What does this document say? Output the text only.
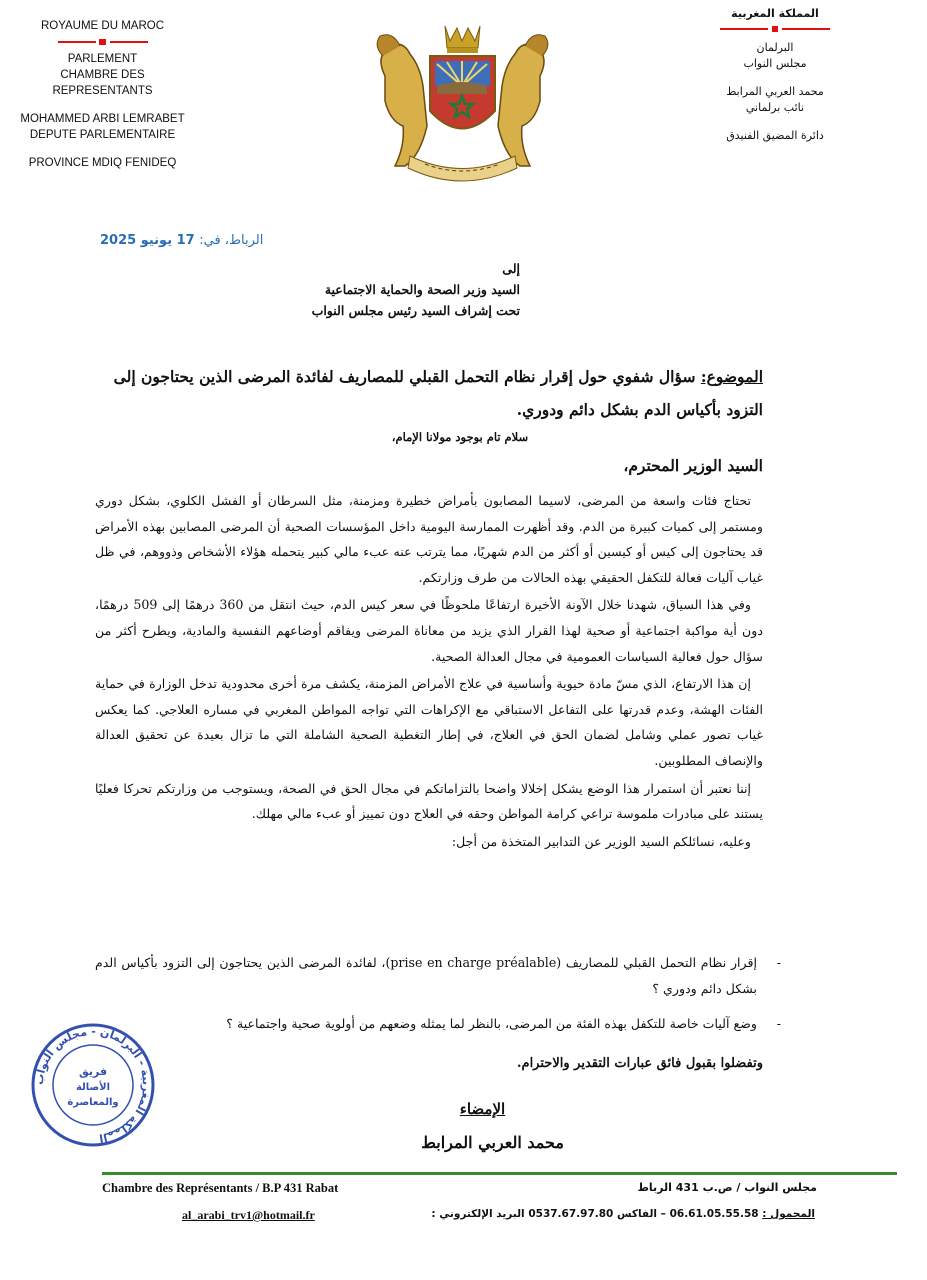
ROYAUME DU MAROC
PARLEMENT
CHAMBRE DES REPRESENTANTS
MOHAMMED ARBI LEMRABET
DEPUTE PARLEMENTAIRE
PROVINCE MDIQ FENIDEQ
المملكة المغربية
البرلمان
مجلس النواب
محمد العربي المرابط
نائب برلماني
دائرة المضيق الفنيدق
الرباط، في: 17 يونيو 2025
إلى
السيد وزير الصحة والحماية الاجتماعية
تحت إشراف السيد رئيس مجلس النواب
الموضوع: سؤال شفوي حول إقرار نظام التحمل القبلي للمصاريف لفائدة المرضى الذين يحتاجون إلى التزود بأكياس الدم بشكل دائم ودوري.
سلام تام بوجود مولانا الإمام،
السيد الوزير المحترم،

تحتاج فئات واسعة من المرضى، لاسيما المصابون بأمراض خطيرة ومزمنة، مثل السرطان أو الفشل الكلوي، بشكل دوري ومستمر إلى كميات كبيرة من الدم. وقد أظهرت الممارسة اليومية داخل المؤسسات الصحية أن المرضى المصابين بهذه الأمراض قد يحتاجون إلى كيس أو كيسين أو أكثر من الدم شهريًا، مما يترتب عنه عبء مالي كبير يتحمله هؤلاء الأشخاص وذووهم، في ظل غياب آليات فعالة للتكفل الحقيقي بهذه الحالات من طرف وزارتكم.

وفي هذا السياق، شهدنا خلال الآونة الأخيرة ارتفاعًا ملحوظًا في سعر كيس الدم، حيث انتقل من 360 درهمًا إلى 509 درهمًا، دون أية مواكبة اجتماعية أو صحية لهذا القرار الذي يزيد من معاناة المرضى ويفاقم أوضاعهم النفسية والمادية، ويطرح أكثر من سؤال حول فعالية السياسات العمومية في مجال العدالة الصحية.

إن هذا الارتفاع، الذي مسّ مادة حيوية وأساسية في علاج الأمراض المزمنة، يكشف مرة أخرى محدودية تدخل الوزارة في حماية الفئات الهشة، وعدم قدرتها على التفاعل الاستباقي مع الإكراهات التي تواجه المواطن المغربي في مساره العلاجي. كما يعكس غياب تصور عملي وشامل لضمان الحق في العلاج، في إطار التغطية الصحية الشاملة التي ما تزال بعيدة عن تحقيق العدالة والإنصاف المطلوبين.

إننا نعتبر أن استمرار هذا الوضع يشكل إخلالا واضحا بالتزاماتكم في مجال الحق في الصحة، ويستوجب من وزارتكم تحركا فعليًا يستند على مبادرات ملموسة تراعي كرامة المواطن وحقه في العلاج دون تمييز أو عبء مالي مهلك.

وعليه، نسائلكم السيد الوزير عن التدابير المتخذة من أجل:

-
إقرار نظام التحمل القبلي للمصاريف (prise en charge préalable)، لفائدة المرضى الذين يحتاجون إلى التزود بأكياس الدم بشكل دائم ودوري ؟
-
وضع آليات خاصة للتكفل بهذه الفئة من المرضى، بالنظر لما يمثله وضعهم من أولوية صحية واجتماعية ؟
وتفضلوا بقبول فائق عبارات التقدير والاحترام.
المملكة المغربية - البرلمان - مجلس النواب
فريق
الأصالة
والمعاصرة	الإمضاء
محمد العربي المرابط
Chambre des Représentants / B.P 431 Rabat	مجلس النواب / ص.ب 431 الرباط
المحمول : 06.61.05.55.58 – الفاكس 0537.67.97.80 البريد الإلكتروني :
al_arabi_trv1@hotmail.fr
